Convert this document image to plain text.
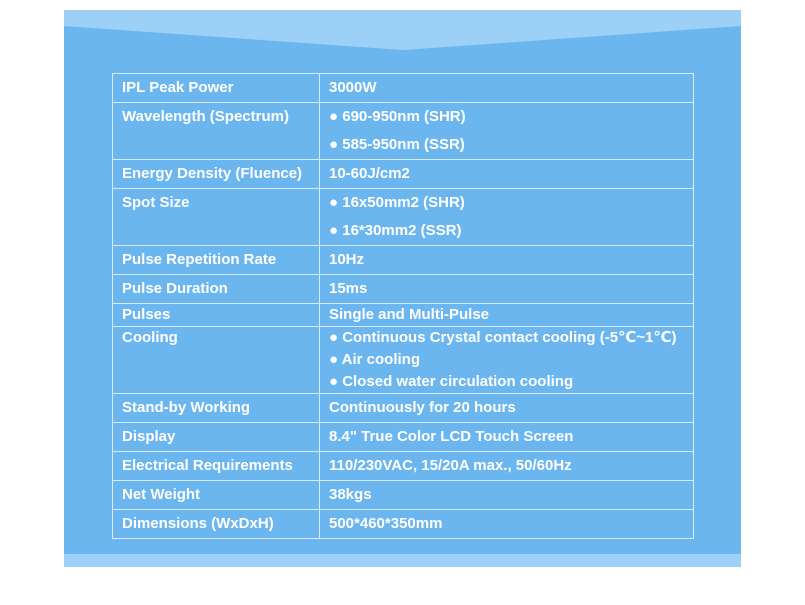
IPL Peak Power	3000W

Wavelength (Spectrum)	● 690-950nm (SHR)
● 585-950nm (SSR)

Energy Density (Fluence)	10-60J/cm2

Spot Size	● 16x50mm2 (SHR)
● 16*30mm2 (SSR)

Pulse Repetition Rate	10Hz

Pulse Duration	15ms

Pulses	Single and Multi-Pulse

Cooling	● Continuous Crystal contact cooling (-5℃~1℃)
● Air cooling
● Closed water circulation cooling

Stand-by Working	Continuously for 20 hours

Display	8.4" True Color LCD Touch Screen

Electrical Requirements	110/230VAC, 15/20A max., 50/60Hz

Net Weight	38kgs

Dimensions (WxDxH)	500*460*350mm
